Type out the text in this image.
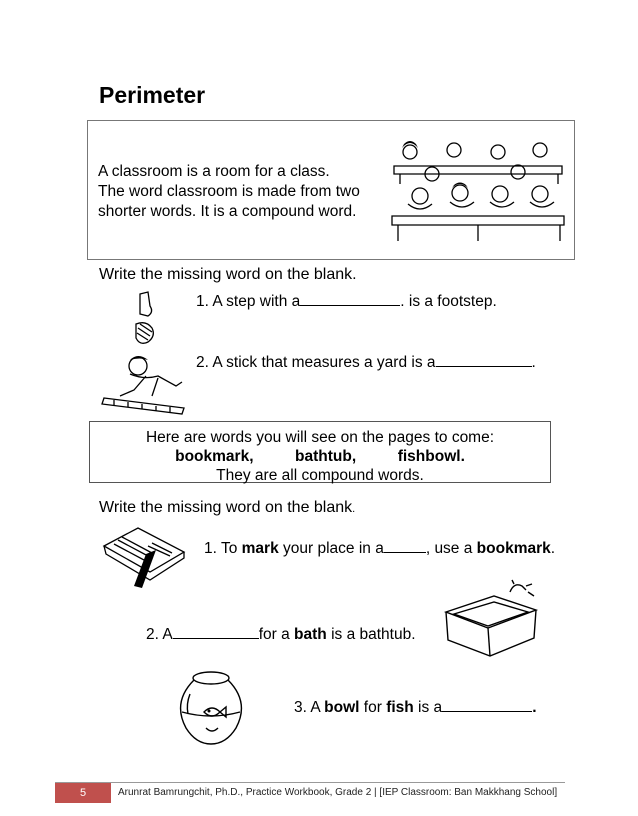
Perimeter
A classroom is a room for a class.
The word classroom is made from two
shorter words. It is a compound word.
Write the missing word on the blank.
1. A step with a	. is a footstep.
2. A stick that measures a yard is a	.
Here are words you will see on the pages to come:
bookmark,	bathtub,	fishbowl.
They are all compound words.
Write the missing word on the blank.
1. To mark your place in a	, use a bookmark.
2. A	for a bath is a bathtub.
3. A bowl for fish is a	.
5	Arunrat Bamrungchit, Ph.D., Practice Workbook, Grade 2 | [IEP Classroom: Ban Makkhang School]
